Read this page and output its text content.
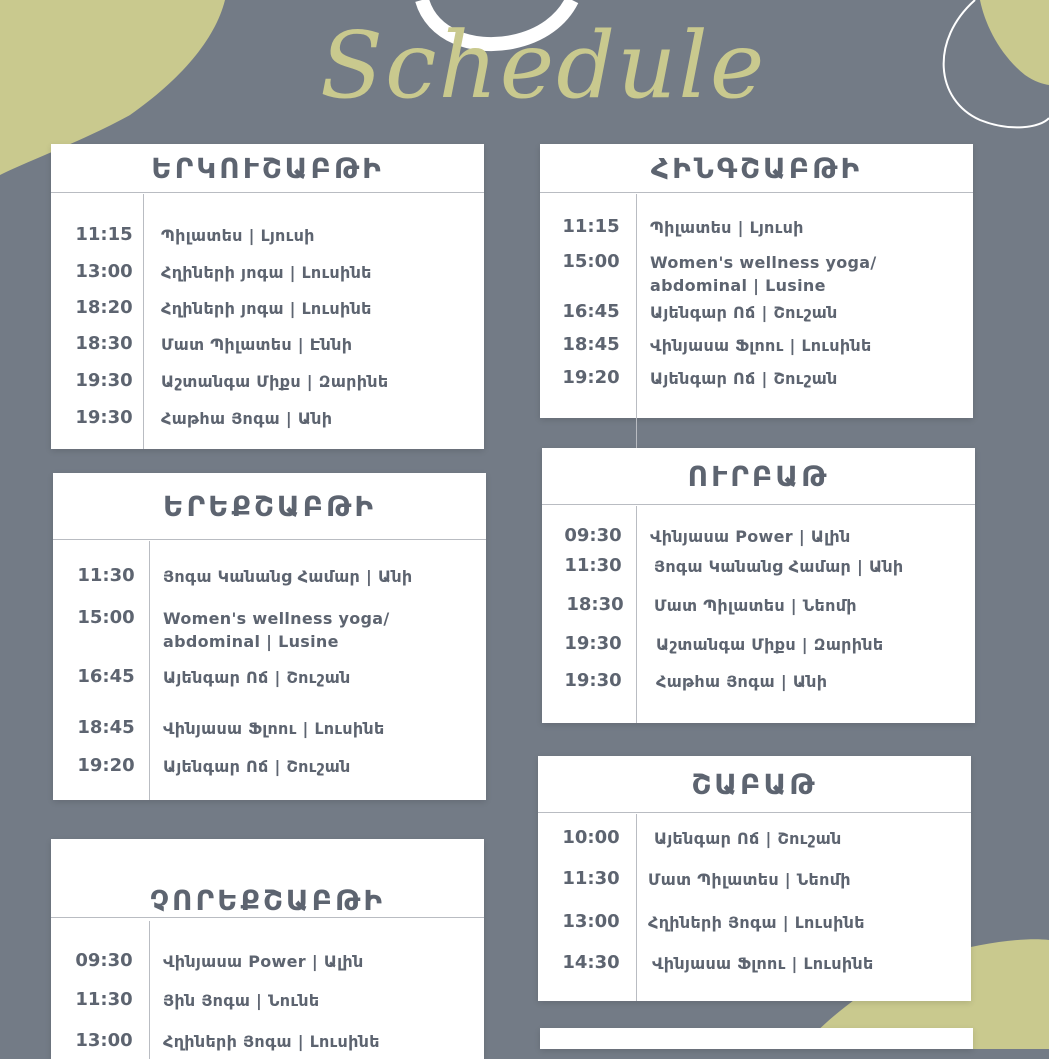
Schedule
ԵՐԿՈՒՇԱԲԹԻ
11:15	Պիլատես | Լյուսի
13:00	Հղիների յոգա | Լուսինե
18:20	Հղիների յոգա | Լուսինե
18:30	Մատ Պիլատես | Էննի
19:30	Աշտանգա Միքս | Զարինե
19:30	Հաթհա Յոգա | Անի
ԵՐԵՔՇԱԲԹԻ
11:30	Յոգա Կանանց Համար | Անի
15:00	Women's wellness yoga/
abdominal | Lusine
16:45	Այենգար Ոճ | Շուշան
18:45	Վինյասա Ֆլոու | Լուսինե
19:20	Այենգար Ոճ | Շուշան
ՉՈՐԵՔՇԱԲԹԻ
09:30	Վինյասա Power | Ալին
11:30	Յին Յոգա | Նունե
13:00	Հղիների Յոգա | Լուսինե
ՀԻՆԳՇԱԲԹԻ
11:15	Պիլատես | Լյուսի
15:00	Women's wellness yoga/
abdominal | Lusine
16:45	Այենգար Ոճ | Շուշան
18:45	Վինյասա Ֆլոու | Լուսինե
19:20	Այենգար Ոճ | Շուշան
ՈՒՐԲԱԹ
09:30	Վինյասա Power | Ալին
11:30	Յոգա Կանանց Համար | Անի
18:30	Մատ Պիլատես | Նեոմի
19:30	Աշտանգա Միքս | Զարինե
19:30	Հաթհա Յոգա | Անի
ՇԱԲԱԹ
10:00	Այենգար Ոճ | Շուշան
11:30	Մատ Պիլատես | Նեոմի
13:00	Հղիների Յոգա | Լուսինե
14:30	Վինյասա Ֆլոու | Լուսինե
